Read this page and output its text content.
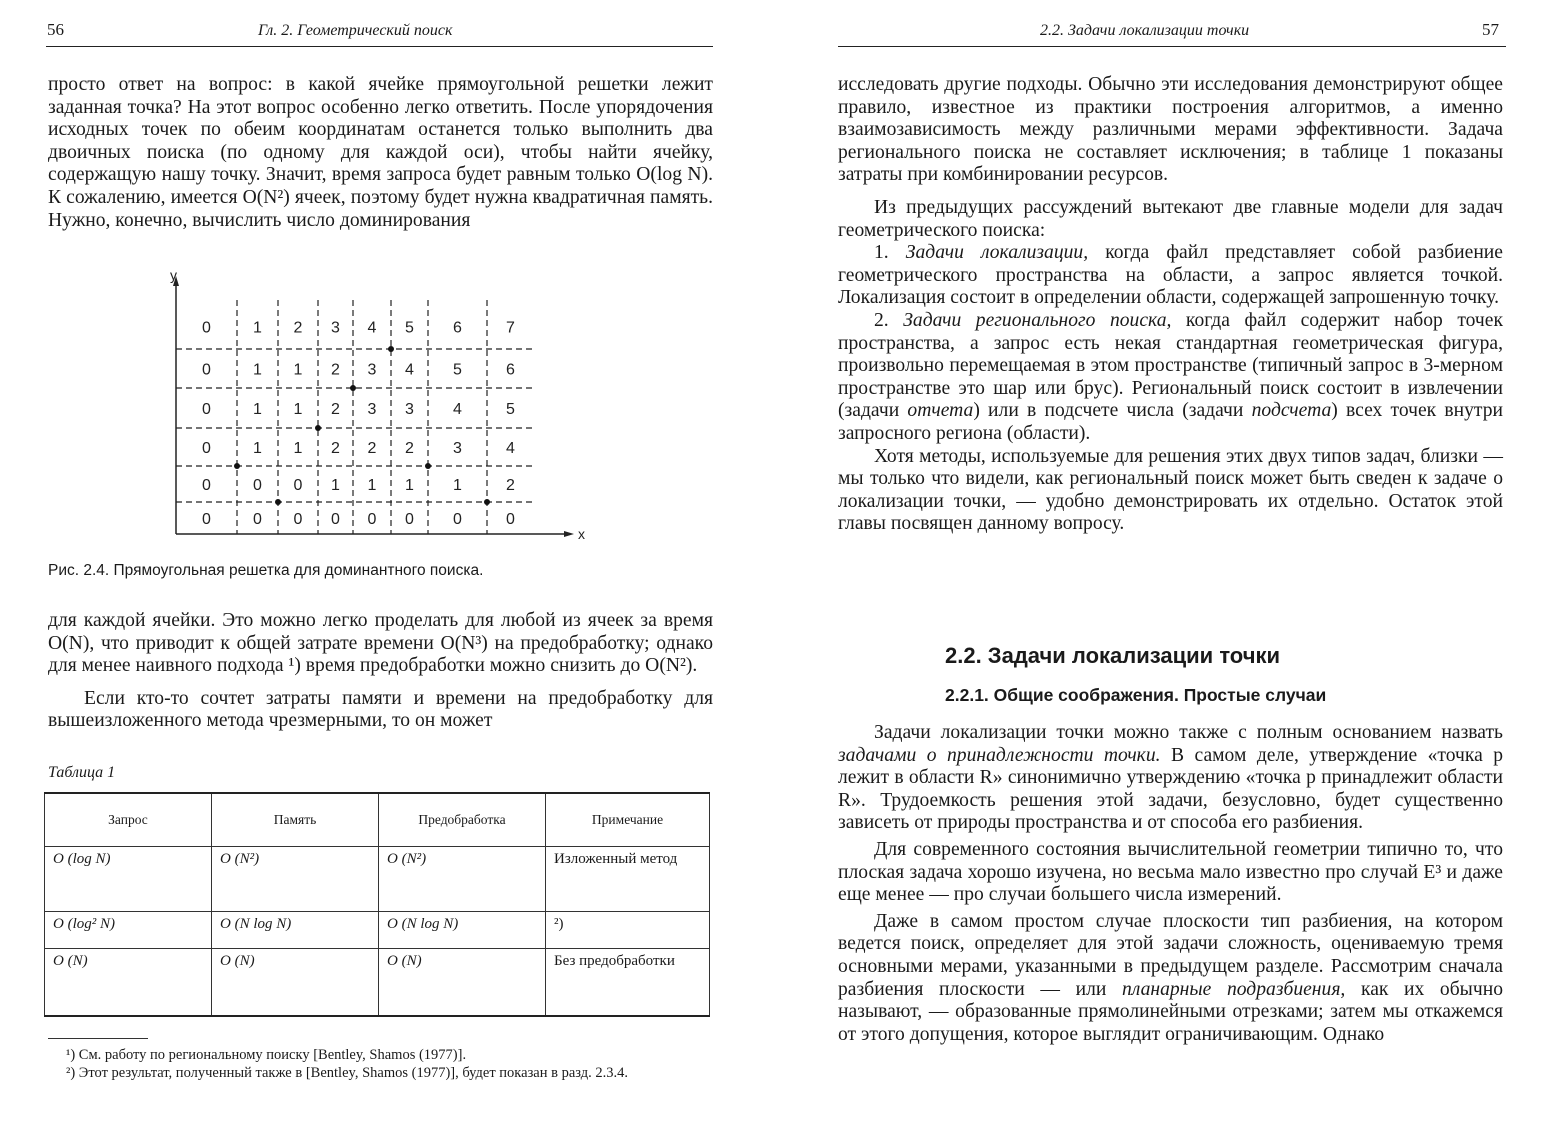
56	Гл. 2. Геометрический поиск

просто ответ на вопрос: в какой ячейке прямоугольной решетки лежит заданная точка? На этот вопрос особенно легко ответить. После упорядочения исходных точек по обеим координатам останется только выполнить два двоичных поиска (по одному для каждой оси), чтобы найти ячейку, содержащую нашу точку. Значит, время запроса будет равным только O(log N). К сожалению, имеется O(N²) ячеек, поэтому будет нужна квадратичная память. Нужно, конечно, вычислить число доминирования

y
x
0	1 2 3 4 5 6	7
0	1 1 2 3 4 5	6
0	1 1 2 3 3 4	5
0	1 1 2 2 2 3	4
0	0 0 1 1 1 1	2
0	0 0 0 0 0 0	0
Рис. 2.4. Прямоугольная решетка для доминантного поиска.

для каждой ячейки. Это можно легко проделать для любой из ячеек за время O(N), что приводит к общей затрате времени O(N³) на предобработку; однако для менее наивного подхода ¹) время предобработки можно снизить до O(N²).

Если кто-то сочтет затраты памяти и времени на предобработку для вышеизложенного метода чрезмерными, то он может

Таблица 1
Запрос	Память	Предобработка	Примечание
O (log N)	O (N²)	O (N²)	Изложенный метод
O (log² N)	O (N log N)	O (N log N)	²)
O (N)	O (N)	O (N)	Без предобработки

¹) См. работу по региональному поиску [Bentley, Shamos (1977)].

²) Этот результат, полученный также в [Bentley, Shamos (1977)], будет показан в разд. 2.3.4.

2.2. Задачи локализации точки	57

исследовать другие подходы. Обычно эти исследования демонстрируют общее правило, известное из практики построения алгоритмов, а именно взаимозависимость между различными мерами эффективности. Задача регионального поиска не составляет исключения; в таблице 1 показаны затраты при комбинировании ресурсов.

Из предыдущих рассуждений вытекают две главные модели для задач геометрического поиска:

1. Задачи локализации, когда файл представляет собой разбиение геометрического пространства на области, а запрос является точкой. Локализация состоит в определении области, содержащей запрошенную точку.

2. Задачи регионального поиска, когда файл содержит набор точек пространства, а запрос есть некая стандартная геометрическая фигура, произвольно перемещаемая в этом пространстве (типичный запрос в 3-мерном пространстве это шар или брус). Региональный поиск состоит в извлечении (задачи отчета) или в подсчете числа (задачи подсчета) всех точек внутри запросного региона (области).

Хотя методы, используемые для решения этих двух типов задач, близки — мы только что видели, как региональный поиск может быть сведен к задаче о локализации точки, — удобно демонстрировать их отдельно. Остаток этой главы посвящен данному вопросу.

2.2. Задачи локализации точки
2.2.1. Общие соображения. Простые случаи

Задачи локализации точки можно также с полным основанием назвать задачами о принадлежности точки. В самом деле, утверждение «точка p лежит в области R» синонимично утверждению «точка p принадлежит области R». Трудоемкость решения этой задачи, безусловно, будет существенно зависеть от природы пространства и от способа его разбиения.

Для современного состояния вычислительной геометрии типично то, что плоская задача хорошо изучена, но весьма мало известно про случай E³ и даже еще менее — про случаи большего числа измерений.

Даже в самом простом случае плоскости тип разбиения, на котором ведется поиск, определяет для этой задачи сложность, оцениваемую тремя основными мерами, указанными в предыдущем разделе. Рассмотрим сначала разбиения плоскости — или планарные подразбиения, как их обычно называют, — образованные прямолинейными отрезками; затем мы откажемся от этого допущения, которое выглядит ограничивающим. Однако
